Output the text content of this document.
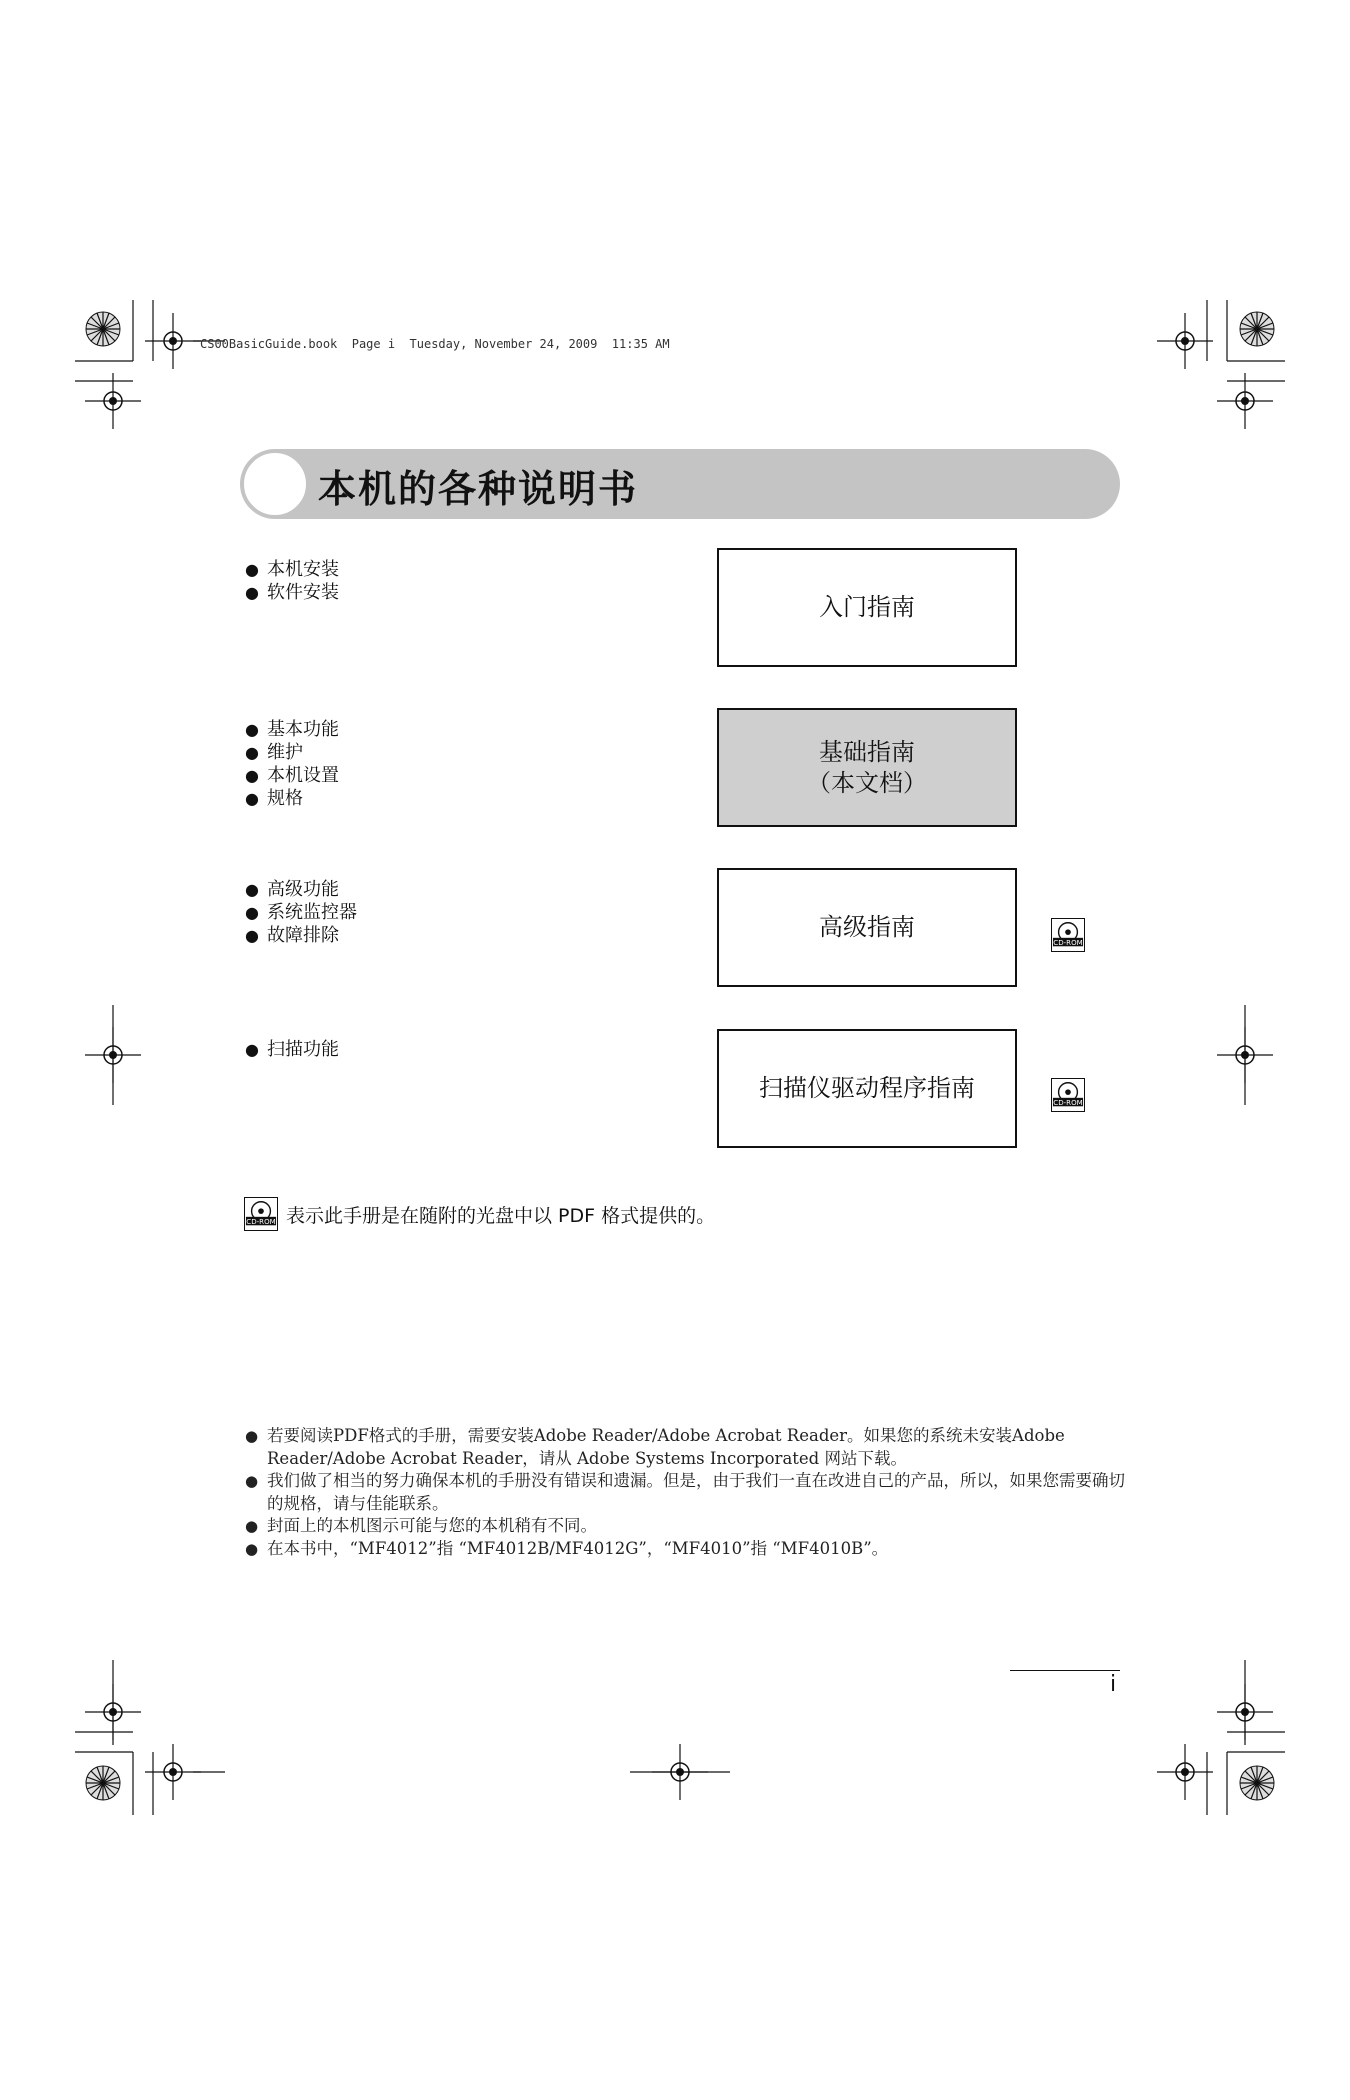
CS00BasicGuide.book  Page i  Tuesday, November 24, 2009  11:35 AM
本机的各种说明书
● 本机安装
● 软件安装
入门指南
● 基本功能
● 维护
● 本机设置
● 规格
基础指南
（本文档）
● 高级功能
● 系统监控器
● 故障排除	高级指南
CD-ROM
● 扫描功能
扫描仪驱动程序指南
CD-ROM
CD-ROM 表示此手册是在随附的光盘中以 PDF 格式提供的。
● 若要阅读PDF格式的手册，需要安装Adobe Reader/Adobe Acrobat Reader。如果您的系统未安装Adobe Reader/Adobe Acrobat Reader，请从 Adobe Systems Incorporated 网站下载。
● 我们做了相当的努力确保本机的手册没有错误和遗漏。但是，由于我们一直在改进自己的产品，所以，如果您需要确切的规格，请与佳能联系。
● 封面上的本机图示可能与您的本机稍有不同。
● 在本书中，“MF4012”指 “MF4012B/MF4012G”，“MF4010”指 “MF4010B”。
i
